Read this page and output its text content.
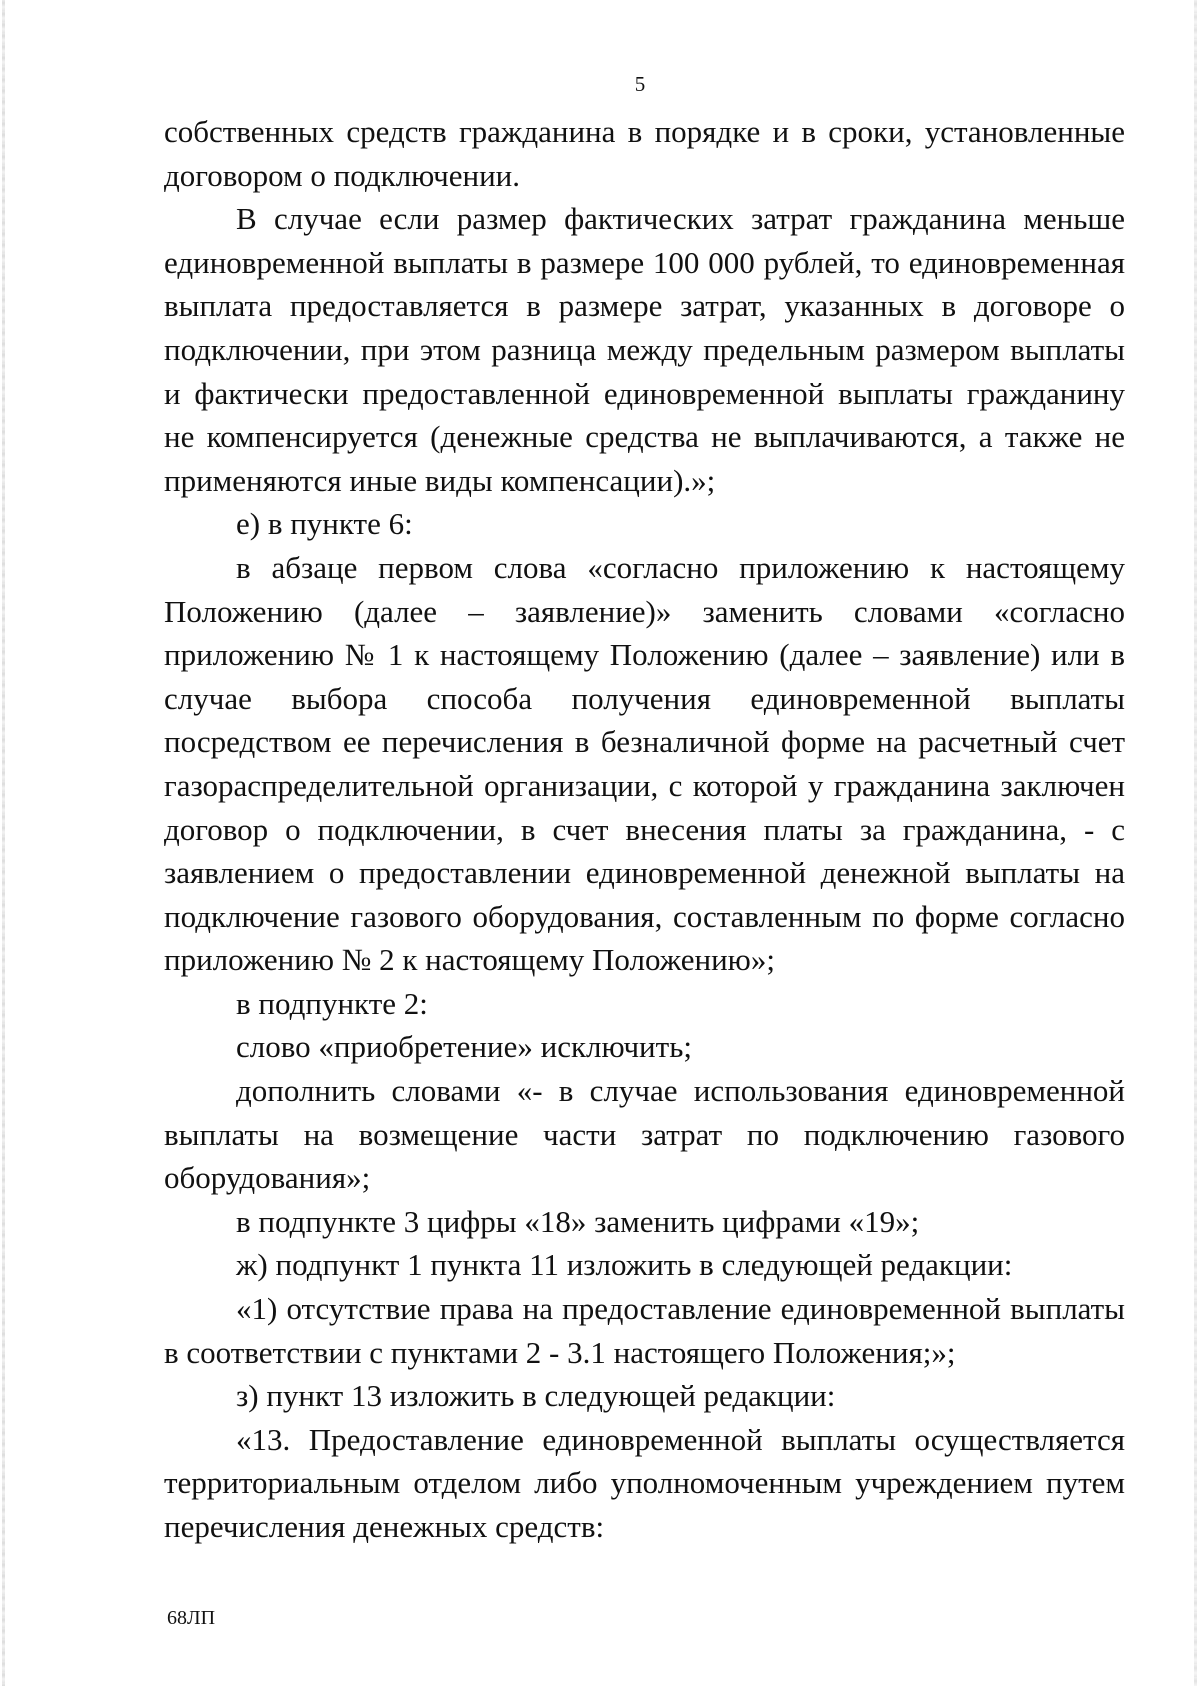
5

собственных средств гражданина в порядке и в сроки, установленные договором о подключении.

В случае если размер фактических затрат гражданина меньше единовременной выплаты в размере 100 000 рублей, то единовременная выплата предоставляется в размере затрат, указанных в договоре о подключении, при этом разница между предельным размером выплаты и фактически предоставленной единовременной выплаты гражданину не компенсируется (денежные средства не выплачиваются, а также не применяются иные виды компенсации).»;

е) в пункте 6:

в абзаце первом слова «согласно приложению к настоящему Положению (далее – заявление)» заменить словами «согласно приложению № 1 к настоящему Положению (далее – заявление) или в случае выбора способа получения единовременной выплаты посредством ее перечисления в безналичной форме на расчетный счет газораспределительной организации, с которой у гражданина заключен договор о подключении, в счет внесения платы за гражданина, - с заявлением о предоставлении единовременной денежной выплаты на подключение газового оборудования, составленным по форме согласно приложению № 2 к настоящему Положению»;

в подпункте 2:

слово «приобретение» исключить;

дополнить словами «- в случае использования единовременной выплаты на возмещение части затрат по подключению газового оборудования»;

в подпункте 3 цифры «18» заменить цифрами «19»;

ж) подпункт 1 пункта 11 изложить в следующей редакции:

«1) отсутствие права на предоставление единовременной выплаты в соответствии с пунктами 2 - 3.1 настоящего Положения;»;

з) пункт 13 изложить в следующей редакции:

«13. Предоставление единовременной выплаты осуществляется территориальным отделом либо уполномоченным учреждением путем перечисления денежных средств:

68ЛП
